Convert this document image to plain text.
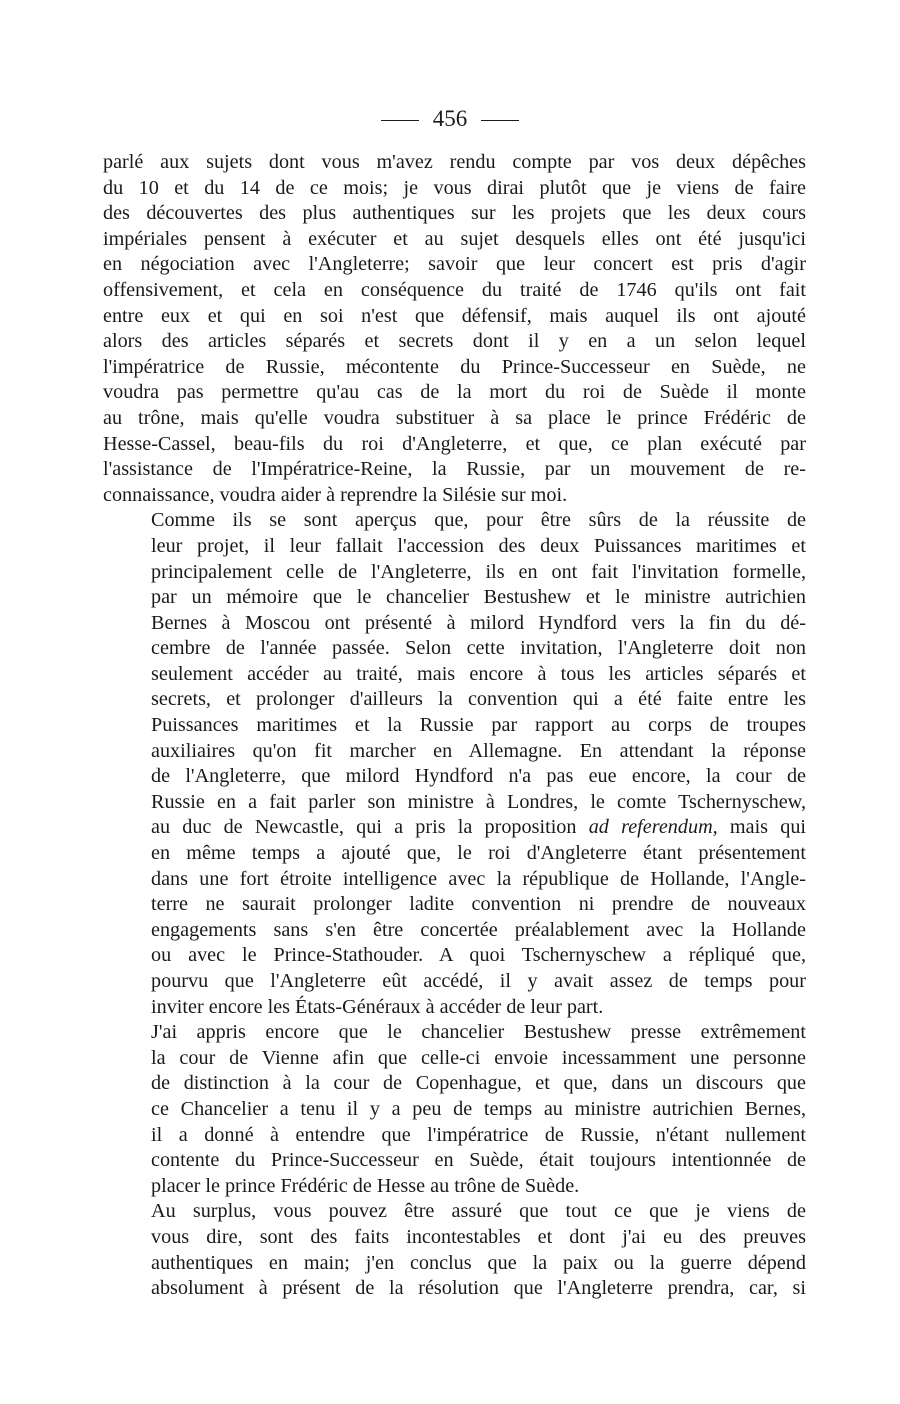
456

parlé aux sujets dont vous m'avez rendu compte par vos deux dépêches
du 10 et du 14 de ce mois; je vous dirai plutôt que je viens de faire
des découvertes des plus authentiques sur les projets que les deux cours
impériales pensent à exécuter et au sujet desquels elles ont été jusqu'ici
en négociation avec l'Angleterre; savoir que leur concert est pris d'agir
offensivement, et cela en conséquence du traité de 1746 qu'ils ont fait
entre eux et qui en soi n'est que défensif, mais auquel ils ont ajouté
alors des articles séparés et secrets dont il y en a un selon lequel
l'impératrice de Russie, mécontente du Prince-Successeur en Suède, ne
voudra pas permettre qu'au cas de la mort du roi de Suède il monte
au trône, mais qu'elle voudra substituer à sa place le prince Frédéric de
Hesse-Cassel, beau-fils du roi d'Angleterre, et que, ce plan exécuté par
l'assistance de l'Impératrice-Reine, la Russie, par un mouvement de re-
connaissance, voudra aider à reprendre la Silésie sur moi.

Comme ils se sont aperçus que, pour être sûrs de la réussite de
leur projet, il leur fallait l'accession des deux Puissances maritimes et
principalement celle de l'Angleterre, ils en ont fait l'invitation formelle,
par un mémoire que le chancelier Bestushew et le ministre autrichien
Bernes à Moscou ont présenté à milord Hyndford vers la fin du dé-
cembre de l'année passée. Selon cette invitation, l'Angleterre doit non
seulement accéder au traité, mais encore à tous les articles séparés et
secrets, et prolonger d'ailleurs la convention qui a été faite entre les
Puissances maritimes et la Russie par rapport au corps de troupes
auxiliaires qu'on fit marcher en Allemagne. En attendant la réponse
de l'Angleterre, que milord Hyndford n'a pas eue encore, la cour de
Russie en a fait parler son ministre à Londres, le comte Tschernyschew,
au duc de Newcastle, qui a pris la proposition ad referendum, mais qui
en même temps a ajouté que, le roi d'Angleterre étant présentement
dans une fort étroite intelligence avec la république de Hollande, l'Angle-
terre ne saurait prolonger ladite convention ni prendre de nouveaux
engagements sans s'en être concertée préalablement avec la Hollande
ou avec le Prince-Stathouder. A quoi Tschernyschew a répliqué que,
pourvu que l'Angleterre eût accédé, il y avait assez de temps pour
inviter encore les États-Généraux à accéder de leur part.

J'ai appris encore que le chancelier Bestushew presse extrêmement
la cour de Vienne afin que celle-ci envoie incessamment une personne
de distinction à la cour de Copenhague, et que, dans un discours que
ce Chancelier a tenu il y a peu de temps au ministre autrichien Bernes,
il a donné à entendre que l'impératrice de Russie, n'étant nullement
contente du Prince-Successeur en Suède, était toujours intentionnée de
placer le prince Frédéric de Hesse au trône de Suède.

Au surplus, vous pouvez être assuré que tout ce que je viens de
vous dire, sont des faits incontestables et dont j'ai eu des preuves
authentiques en main; j'en conclus que la paix ou la guerre dépend
absolument à présent de la résolution que l'Angleterre prendra, car, si
